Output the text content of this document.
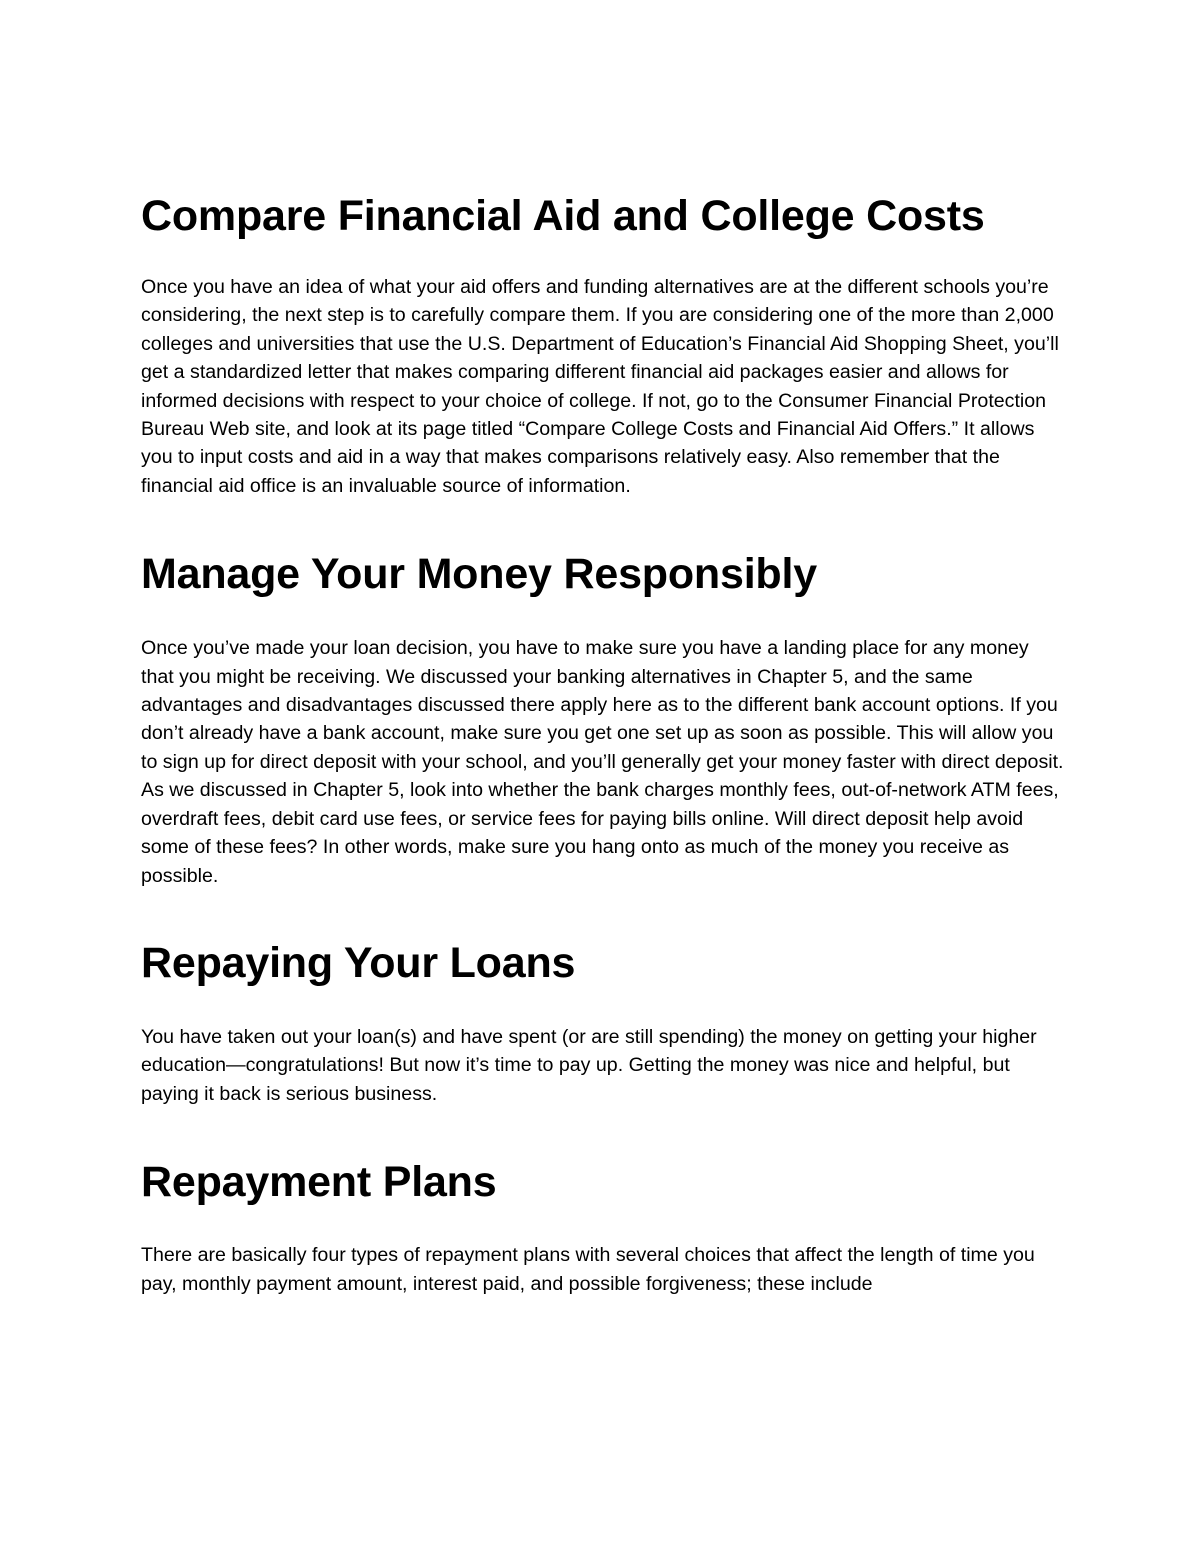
Compare Financial Aid and College Costs

Once you have an idea of what your aid offers and funding alternatives are at the different schools you’re considering, the next step is to carefully compare them. If you are considering one of the more than 2,000 colleges and universities that use the U.S. Department of Education’s Financial Aid Shopping Sheet, you’ll get a standardized letter that makes comparing different financial aid packages easier and allows for informed decisions with respect to your choice of college. If not, go to the Consumer Financial Protection Bureau Web site, and look at its page titled “Compare College Costs and Financial Aid Offers.” It allows you to input costs and aid in a way that makes comparisons relatively easy. Also remember that the financial aid office is an invaluable source of information.

Manage Your Money Responsibly

Once you’ve made your loan decision, you have to make sure you have a landing place for any money that you might be receiving. We discussed your banking alternatives in Chapter 5, and the same advantages and disadvantages discussed there apply here as to the different bank account options. If you don’t already have a bank account, make sure you get one set up as soon as possible. This will allow you to sign up for direct deposit with your school, and you’ll generally get your money faster with direct deposit. As we discussed in Chapter 5, look into whether the bank charges monthly fees, out-of-network ATM fees, overdraft fees, debit card use fees, or service fees for paying bills online. Will direct deposit help avoid some of these fees? In other words, make sure you hang onto as much of the money you receive as possible.

Repaying Your Loans

You have taken out your loan(s) and have spent (or are still spending) the money on getting your higher education—congratulations! But now it’s time to pay up. Getting the money was nice and helpful, but paying it back is serious business.

Repayment Plans

There are basically four types of repayment plans with several choices that affect the length of time you pay, monthly payment amount, interest paid, and possible forgiveness; these include
